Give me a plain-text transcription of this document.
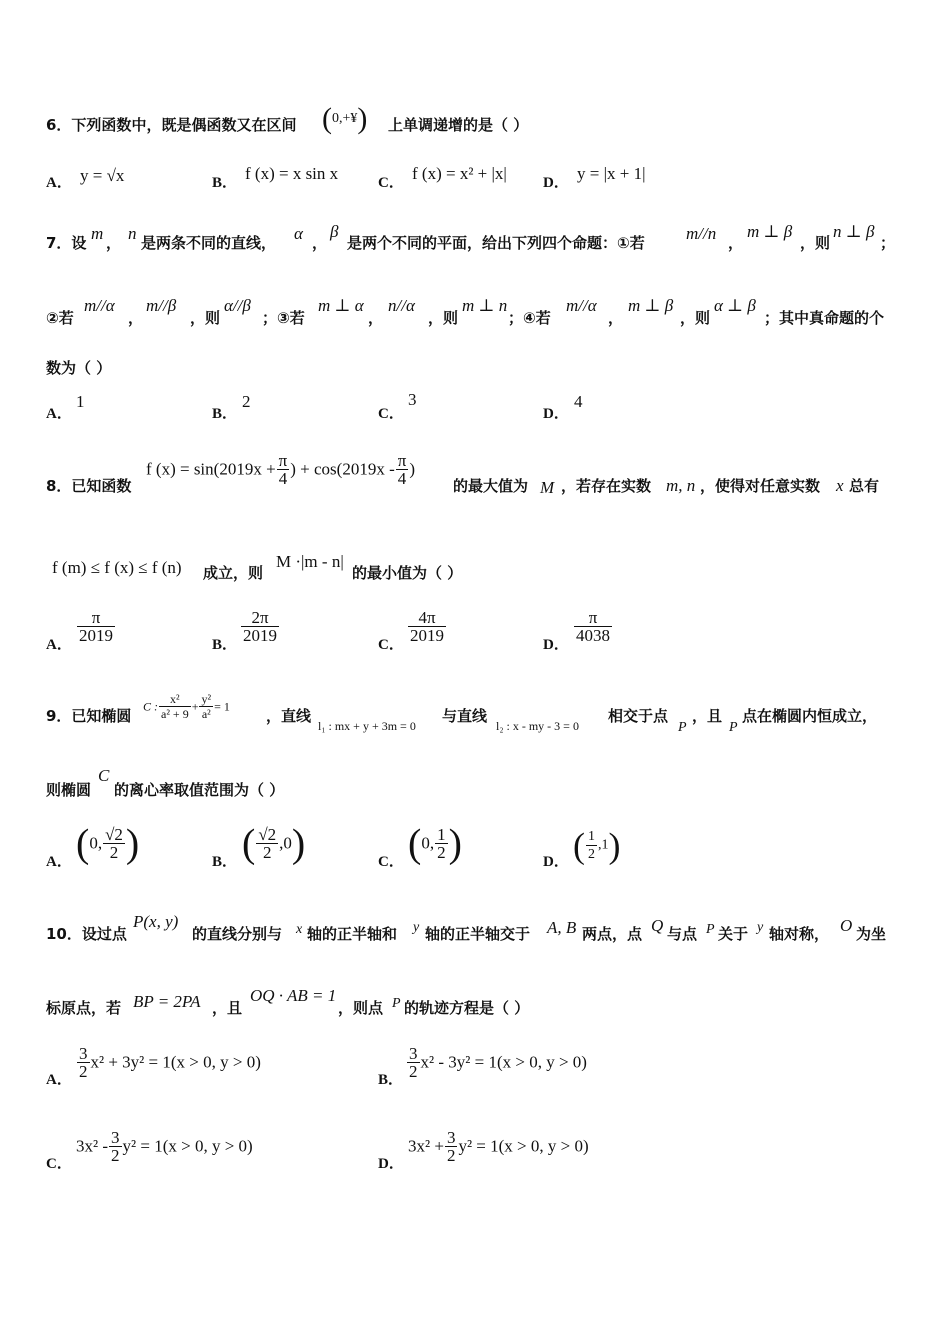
6．下列函数中，既是偶函数又在区间 (0,+¥) 上单调递增的是（ ）
A． y = √x	B． f (x) = x sin x	C． f (x) = x² + |x| D． y = |x + 1|
7．设 m ， n 是两条不同的直线， α ，
β
是两个不同的平面，给出下列四个命题：①若 m//n ，
m ⊥ β
，则
n ⊥ β
；
②若
m//α
，
m//β
，则
α//β
；③若
m ⊥ α
，
n//α
，则
m ⊥ n
；④若
m//α
，
m ⊥ β
，则
α ⊥ β
；其中真命题的个
数为（ ）
A．
1
B．
2
C．
3
D．
4
8．已知函数
f $(x) = \sin(2019x + \frac{\pi}{4}$ ) + $\cos(2019x - \frac{\pi}{4}$ )
的最大值为 M ，若存在实数 m, n ，使得对任意实数 x 总有
f (m) ≤ f (x) ≤ f (n) 成立，则
M ·|m - n|
的最小值为（ ）
A．
$\frac{\pi}{2019}$
B．
$\frac{2\pi}{2019}$
C．
$\frac{4\pi}{2019}$
D．
$\frac{\pi}{4038}$
9．已知椭圆
C : $\frac{\text{x²}}{\text{a² + 9}} + \frac{\text{y²}}{\text{a²}} = 1$
，直线
l₁ : mx + y + 3m = 0
与直线
l₂ : x - my - 3 = 0
相交于点
P
，且
P
点在椭圆内恒成立，
则椭圆
C
的离心率取值范围为（ ）
A． (0, $\frac{√2}{2}$ )	B． ( $\frac{√2}{2} ,0$)	C． (0, $\frac{1}{2}$ )	D． ( $\frac{1}{2} ,1$)
10．设过点
P(x, y)
的直线分别与 x 轴的正半轴和 y 轴的正半轴交于 A, B 两点，点 Q 与点 P 关于 y 轴对称， O 为坐
标原点，若 BP = 2PA ，且
OQ · AB = 1
，则点 P 的轨迹方程是（ ）
A． $\frac{3}{2} x^2 + 3y^2 = 1(x > 0$, y > 0)
B． $\frac{3}{2} x^2 - 3y^2 = 1(x > 0$, y > 0)
C．
$3x^2 - \frac{3}{2} y^2 = 1(x > 0$, y > 0)
D．
$3x^2 + \frac{3}{2} y^2 = 1(x > 0$, y > 0)
